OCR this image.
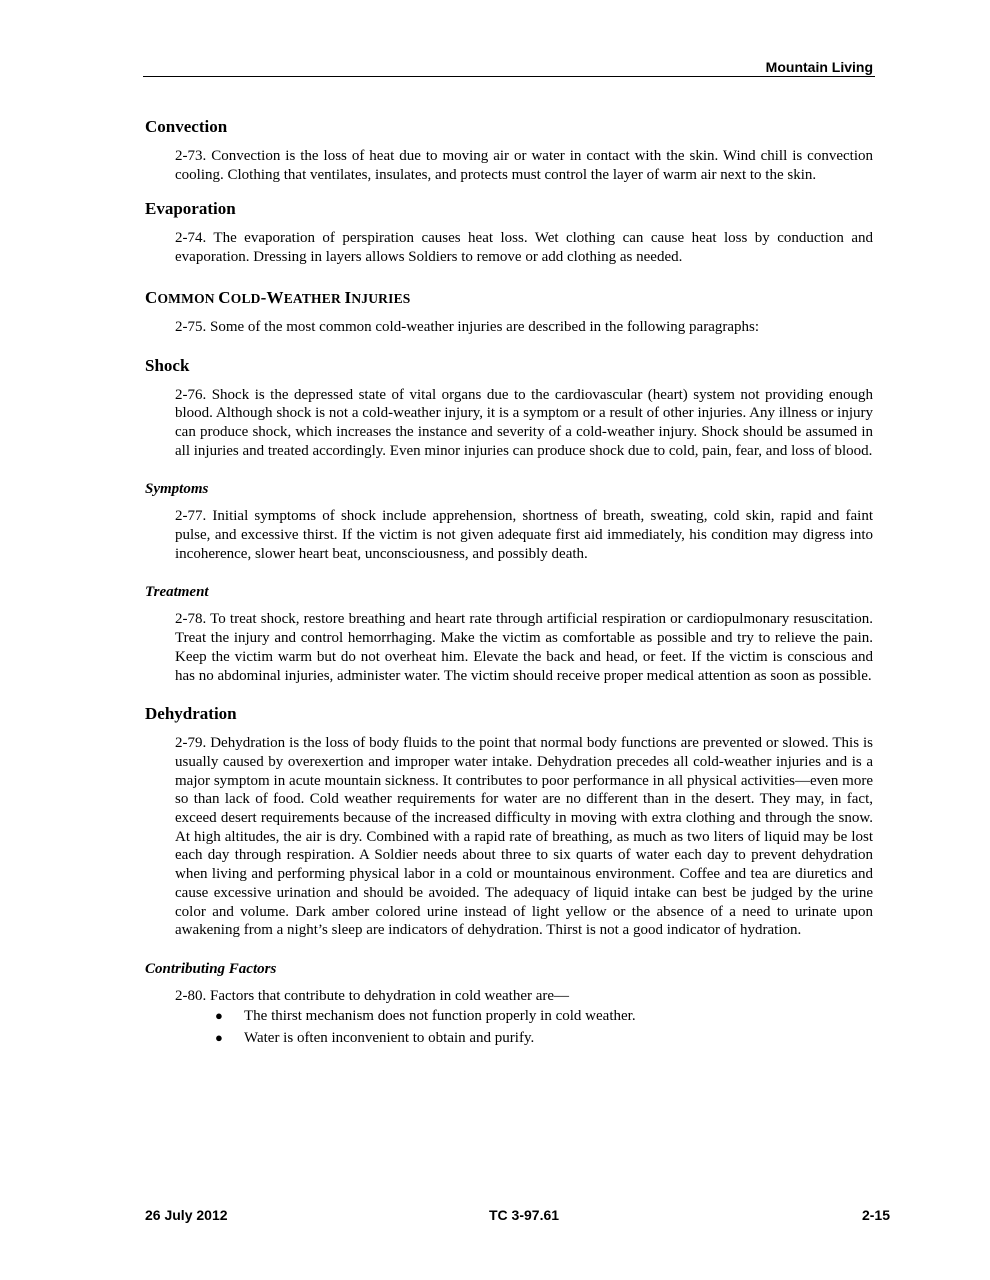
Mountain Living
Convection

2-73. Convection is the loss of heat due to moving air or water in contact with the skin. Wind chill is convection cooling. Clothing that ventilates, insulates, and protects must control the layer of warm air next to the skin.

Evaporation

2-74. The evaporation of perspiration causes heat loss. Wet clothing can cause heat loss by conduction and evaporation. Dressing in layers allows Soldiers to remove or add clothing as needed.

COMMON COLD-WEATHER INJURIES

2-75. Some of the most common cold-weather injuries are described in the following paragraphs:

Shock

2-76. Shock is the depressed state of vital organs due to the cardiovascular (heart) system not providing enough blood. Although shock is not a cold-weather injury, it is a symptom or a result of other injuries. Any illness or injury can produce shock, which increases the instance and severity of a cold-weather injury. Shock should be assumed in all injuries and treated accordingly. Even minor injuries can produce shock due to cold, pain, fear, and loss of blood.

Symptoms

2-77. Initial symptoms of shock include apprehension, shortness of breath, sweating, cold skin, rapid and faint pulse, and excessive thirst. If the victim is not given adequate first aid immediately, his condition may digress into incoherence, slower heart beat, unconsciousness, and possibly death.

Treatment

2-78. To treat shock, restore breathing and heart rate through artificial respiration or cardiopulmonary resuscitation. Treat the injury and control hemorrhaging. Make the victim as comfortable as possible and try to relieve the pain. Keep the victim warm but do not overheat him. Elevate the back and head, or feet. If the victim is conscious and has no abdominal injuries, administer water. The victim should receive proper medical attention as soon as possible.

Dehydration

2-79. Dehydration is the loss of body fluids to the point that normal body functions are prevented or slowed. This is usually caused by overexertion and improper water intake. Dehydration precedes all cold-weather injuries and is a major symptom in acute mountain sickness. It contributes to poor performance in all physical activities—even more so than lack of food. Cold weather requirements for water are no different than in the desert. They may, in fact, exceed desert requirements because of the increased difficulty in moving with extra clothing and through the snow. At high altitudes, the air is dry. Combined with a rapid rate of breathing, as much as two liters of liquid may be lost each day through respiration. A Soldier needs about three to six quarts of water each day to prevent dehydration when living and performing physical labor in a cold or mountainous environment. Coffee and tea are diuretics and cause excessive urination and should be avoided. The adequacy of liquid intake can best be judged by the urine color and volume. Dark amber colored urine instead of light yellow or the absence of a need to urinate upon awakening from a night’s sleep are indicators of dehydration. Thirst is not a good indicator of hydration.

Contributing Factors

2-80. Factors that contribute to dehydration in cold weather are—

● The thirst mechanism does not function properly in cold weather.
● Water is often inconvenient to obtain and purify.
26 July 2012	TC 3-97.61	2-15
